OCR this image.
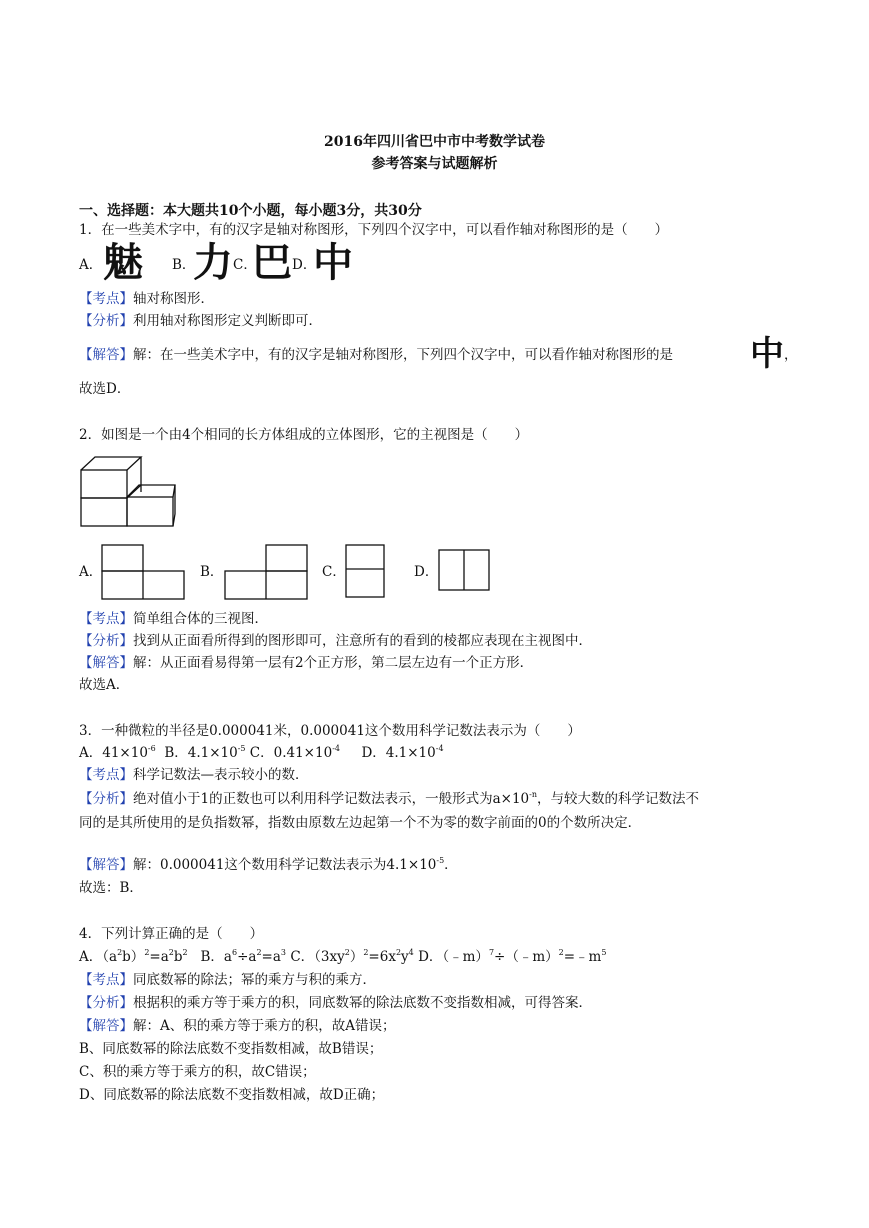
2016年四川省巴中市中考数学试卷
参考答案与试题解析
一、选择题：本大题共10个小题，每小题3分，共30分
1．在一些美术字中，有的汉字是轴对称图形，下列四个汉字中，可以看作轴对称图形的是（　　）
A． 魅 B．
力 C．
巴 D．
中
【考点】轴对称图形．
【分析】利用轴对称图形定义判断即可．
【解答】解：在一些美术字中，有的汉字是轴对称图形，下列四个汉字中，可以看作轴对称图形的是 中 ，
故选D．
2．如图是一个由4个相同的长方体组成的立体图形，它的主视图是（　　）
A．	B．	C．	D．
【考点】简单组合体的三视图．
【分析】找到从正面看所得到的图形即可，注意所有的看到的棱都应表现在主视图中．
【解答】解：从正面看易得第一层有2个正方形，第二层左边有一个正方形．
故选A．
3．一种微粒的半径是0.000041米，0.000041这个数用科学记数法表示为（　　）
A．$41\times 10^{-6}$ B．$4.1\times 10^{-5}$ C．$0.41\times 10^{-4}$ D．$4.1\times 10^{-4}$
【考点】科学记数法—表示较小的数．
【分析】绝对值小于1的正数也可以利用科学记数法表示，一般形式为$a\times 10^{-n}$，与较大数的科学记数法不
同的是其所使用的是负指数幂，指数由原数左边起第一个不为零的数字前面的0的个数所决定．
【解答】解：0.000041这个数用科学记数法表示为$4.1\times 10^{-5}$．
故选：B．
4．下列计算正确的是（　　）
A．$(a^2b)^2=a^2b^2$ B．$a^6\div a^2=a^3$ C．$(3xy^2)^2=6x^2y^4$ D．$(﹣m)^7\div(﹣m)^2=﹣m^5$
【考点】同底数幂的除法；幂的乘方与积的乘方．
【分析】根据积的乘方等于乘方的积，同底数幂的除法底数不变指数相减，可得答案．
【解答】解：A、积的乘方等于乘方的积，故A错误；
B、同底数幂的除法底数不变指数相减，故B错误；
C、积的乘方等于乘方的积，故C错误；
D、同底数幂的除法底数不变指数相减，故D正确；
